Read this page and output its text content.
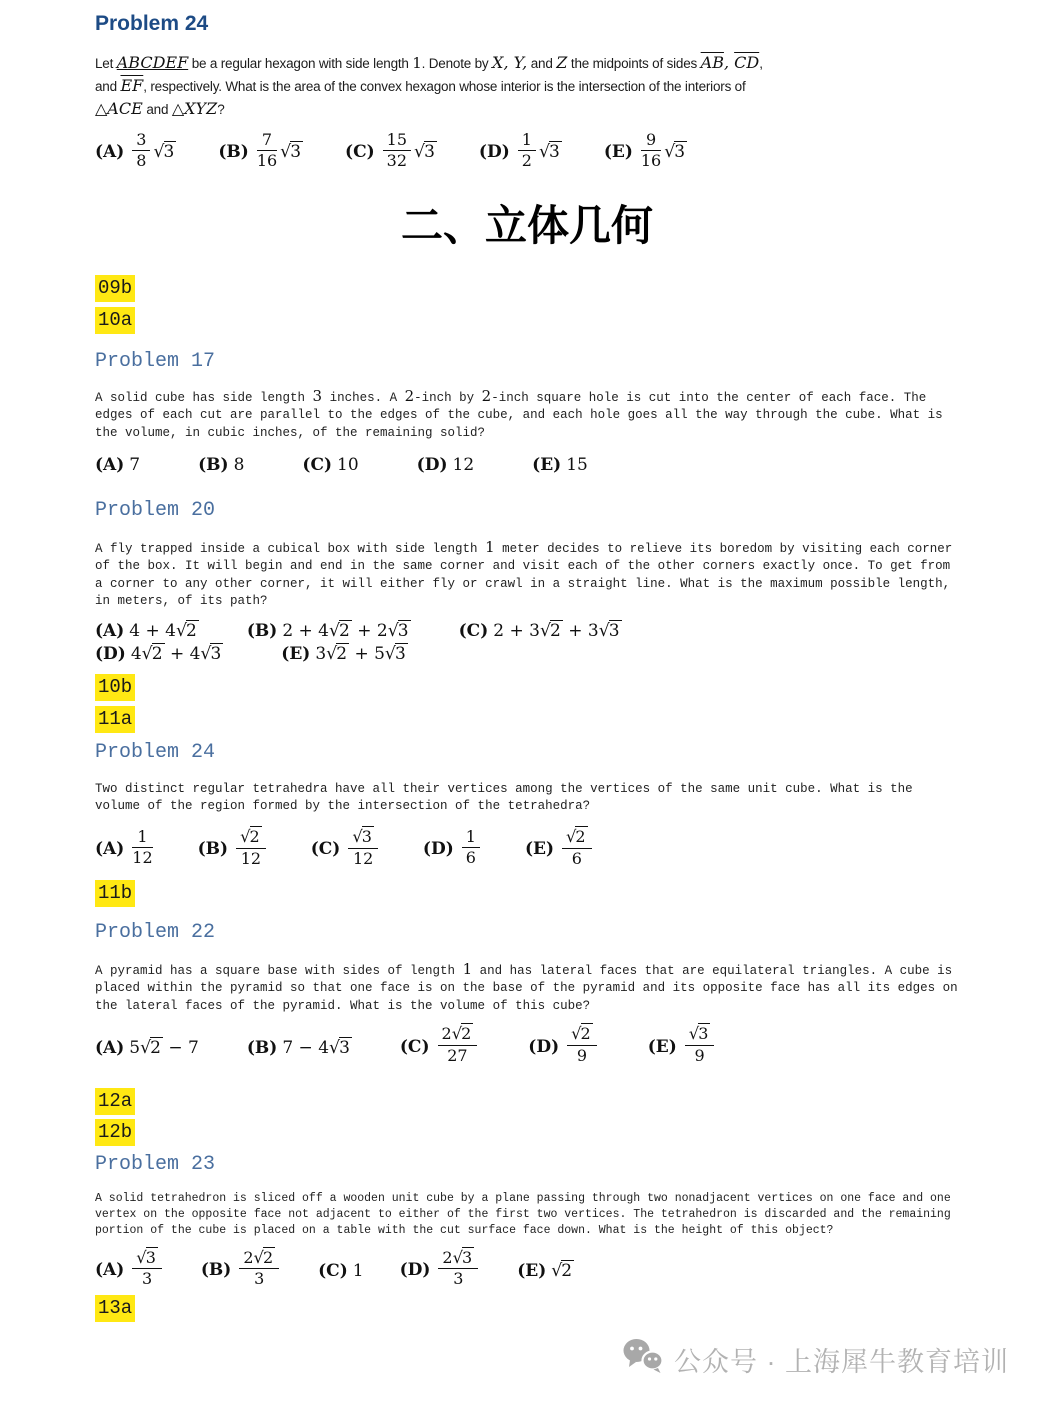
Problem 24
Let ABCDEF be a regular hexagon with side length 1. Denote by X, Y, and Z the midpoints of sides $\overline{AB}$, $\overline{CD}$,
and $\overline{EF}$, respectively. What is the area of the convex hexagon whose interior is the intersection of the interiors of
△ACE and △XYZ?
$(A) \frac{3}{8} √3$	$(B) \frac{7}{16} √3$	$(C) \frac{15}{32} √3$	$(D) \frac{1}{2} √3$	$(E) \frac{9}{16} √3$
二、立体几何
09b
10a
Problem 17
A solid cube has side length 3 inches. A 2-inch by 2-inch square hole is cut into the center of each face. The
edges of each cut are parallel to the edges of the cube, and each hole goes all the way through the cube. What is
the volume, in cubic inches, of the remaining solid?
(A) 7	(B) 8	(C) 10	(D) 12	(E) 15
Problem 20
A fly trapped inside a cubical box with side length 1 meter decides to relieve its boredom by visiting each corner
of the box. It will begin and end in the same corner and visit each of the other corners exactly once. To get from
a corner to any other corner, it will either fly or crawl in a straight line. What is the maximum possible length,
in meters, of its path?
(A) 4 + 4√2	(B) 2 + 4√2 + 2√3	(C) 2 + 3√2 + 3√3
(D) 4√2 + 4√3	(E) 3√2 + 5√3
10b
11a
Problem 24
Two distinct regular tetrahedra have all their vertices among the vertices of the same unit cube. What is the
volume of the region formed by the intersection of the tetrahedra?
$(A) \frac{1}{12}$	$(B) \frac{√2}{12}$	$(C) \frac{√3}{12}$	$(D) \frac{1}{6}$	$(E) \frac{√2}{6}$
11b
Problem 22
A pyramid has a square base with sides of length 1 and has lateral faces that are equilateral triangles. A cube is
placed within the pyramid so that one face is on the base of the pyramid and its opposite face has all its edges on
the lateral faces of the pyramid. What is the volume of this cube?
(A) 5√2 − 7	(B) 7 − 4√3	$(C) \frac{2√2}{27}$	$(D) \frac{√2}{9}$	$(E) \frac{√3}{9}$
12a
12b
Problem 23
A solid tetrahedron is sliced off a wooden unit cube by a plane passing through two nonadjacent vertices on one face and one
vertex on the opposite face not adjacent to either of the first two vertices. The tetrahedron is discarded and the remaining
portion of the cube is placed on a table with the cut surface face down. What is the height of this object?
$(A) \frac{√3}{3} (B) \frac{2√2}{3} (C)$ 1 $(D) \frac{2√3}{3} (E)$ √2
13a
公众号 · 上海犀牛教育培训
